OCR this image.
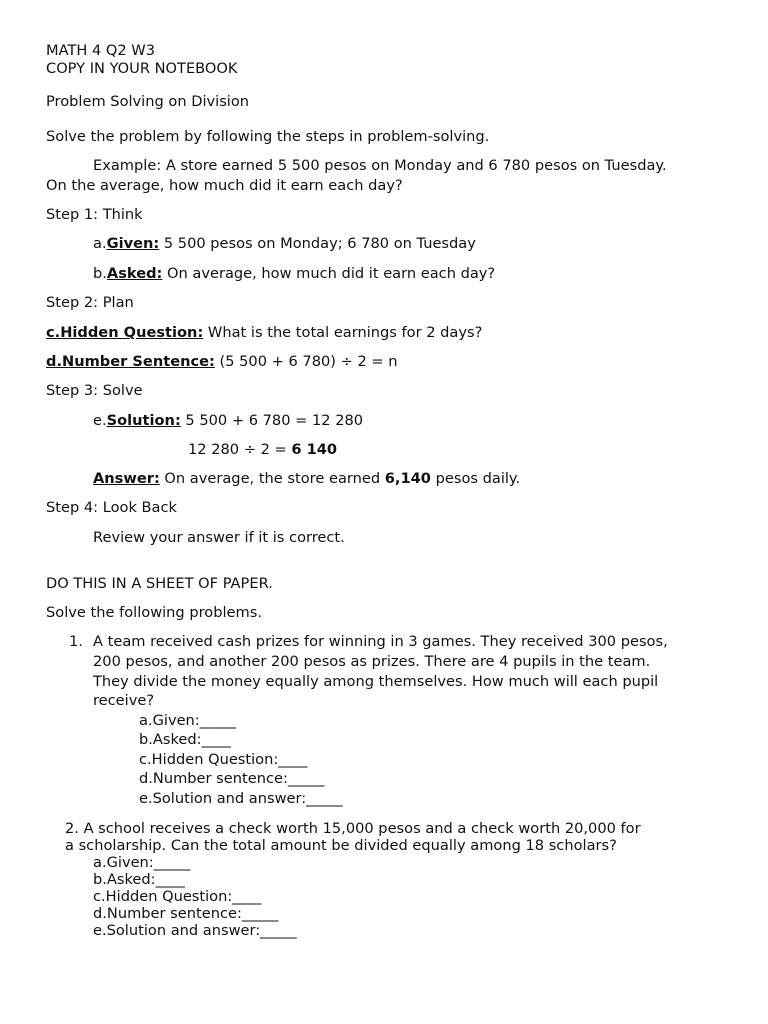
MATH 4 Q2 W3
COPY IN YOUR NOTEBOOK
Problem Solving on Division
Solve the problem by following the steps in problem-solving.
Example: A store earned 5 500 pesos on Monday and 6 780 pesos on Tuesday.
On the average, how much did it earn each day?
Step 1: Think
a.Given: 5 500 pesos on Monday; 6 780 on Tuesday
b.Asked: On average, how much did it earn each day?
Step 2: Plan
c.Hidden Question: What is the total earnings for 2 days?
d.Number Sentence: (5 500 + 6 780) ÷ 2 = n
Step 3: Solve
e.Solution: 5 500 + 6 780 = 12 280
12 280 ÷ 2 = 6 140
Answer: On average, the store earned 6,140 pesos daily.
Step 4: Look Back
Review your answer if it is correct.
DO THIS IN A SHEET OF PAPER.
Solve the following problems.
1. A team received cash prizes for winning in 3 games. They received 300 pesos,
200 pesos, and another 200 pesos as prizes. There are 4 pupils in the team.
They divide the money equally among themselves. How much will each pupil
receive?
a.Given:_____
b.Asked:____
c.Hidden Question:____
d.Number sentence:_____
e.Solution and answer:_____
2. A school receives a check worth 15,000 pesos and a check worth 20,000 for
a scholarship. Can the total amount be divided equally among 18 scholars?
a.Given:_____
b.Asked:____
c.Hidden Question:____
d.Number sentence:_____
e.Solution and answer:_____
